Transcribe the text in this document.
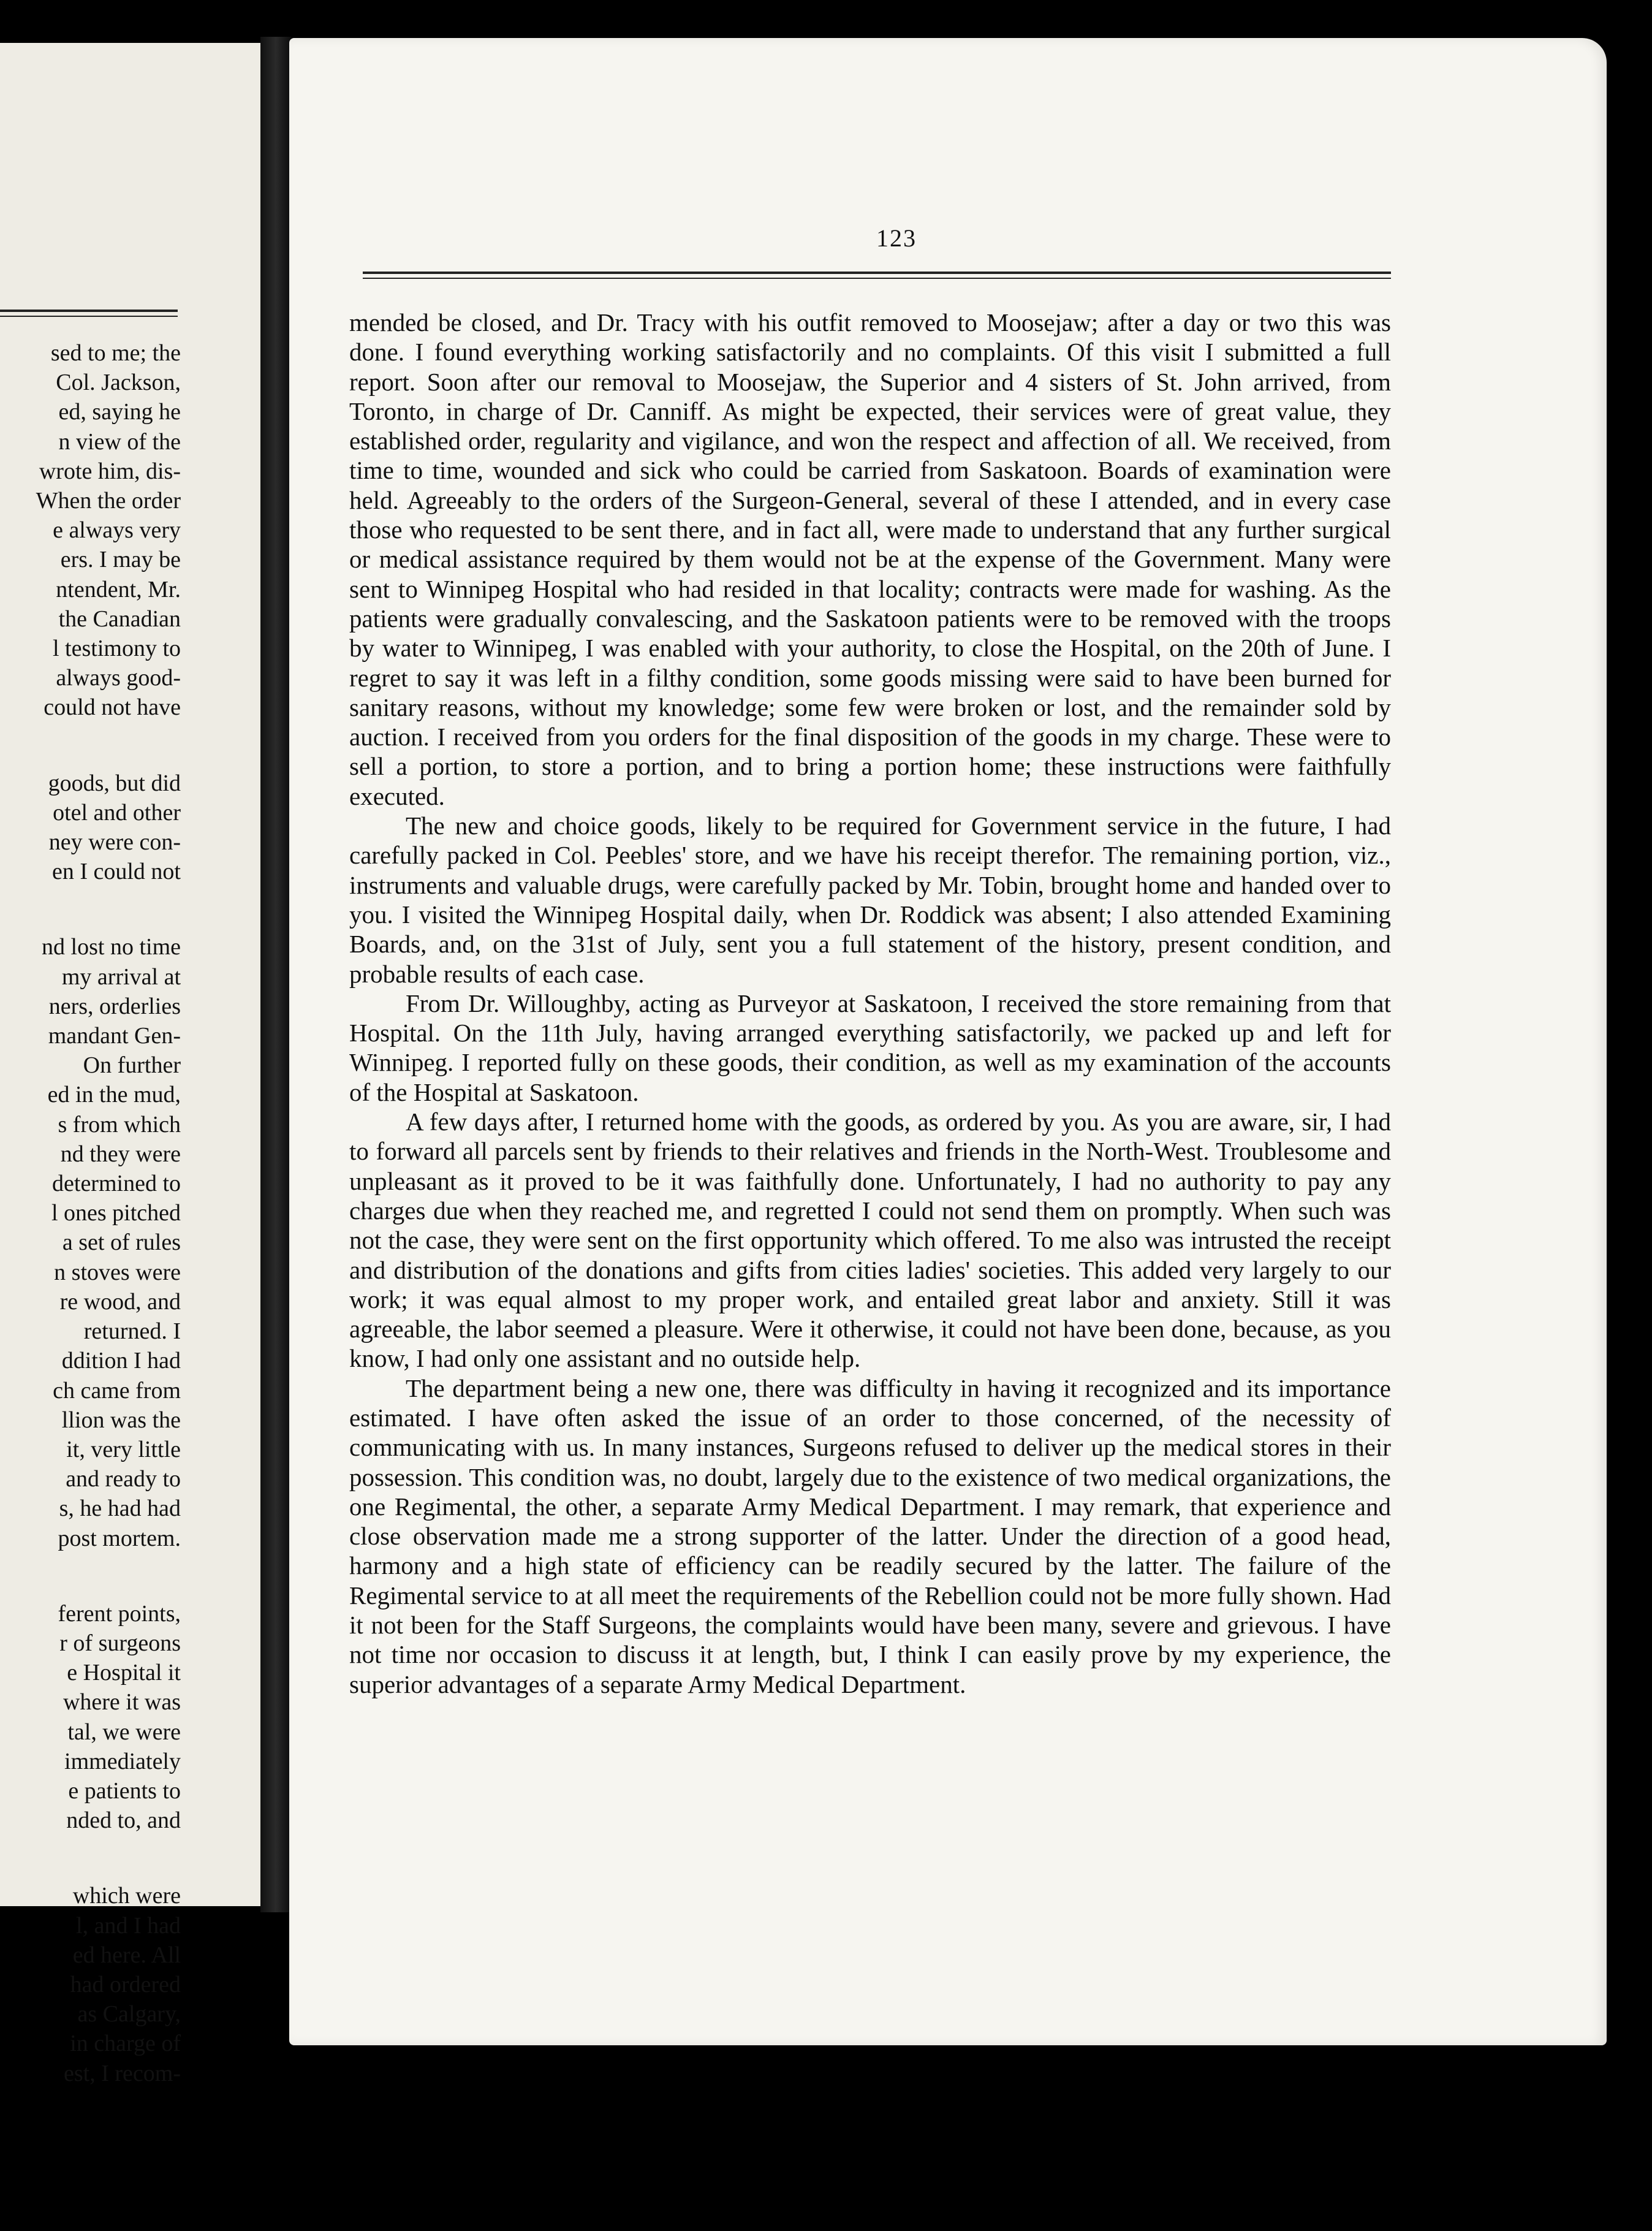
sed to me; the
Col. Jackson,
ed, saying he
n view of the
wrote him, dis-
When the order
e always very
ers. I may be
ntendent, Mr.
the Canadian
l testimony to
always good-
could not have
goods, but did
otel and other
ney were con-
en I could not
nd lost no time
my arrival at
ners, orderlies
mandant Gen-
On further
ed in the mud,
s from which
nd they were
determined to
l ones pitched
a set of rules
n stoves were
re wood, and
returned. I
ddition I had
ch came from
llion was the
it, very little
and ready to
s, he had had
post mortem.
ferent points,
r of surgeons
e Hospital it
where it was
tal, we were
immediately
e patients to
nded to, and
which were
l, and I had
ed here. All
had ordered
as Calgary,
in charge of
est, I recom-
123

mended be closed, and Dr. Tracy with his outfit removed to Moosejaw; after a day or two this was done. I found everything working satisfactorily and no complaints. Of this visit I submitted a full report. Soon after our removal to Moosejaw, the Superior and 4 sisters of St. John arrived, from Toronto, in charge of Dr. Canniff. As might be expected, their services were of great value, they established order, regularity and vigilance, and won the respect and affection of all. We received, from time to time, wounded and sick who could be carried from Saskatoon. Boards of examination were held. Agreeably to the orders of the Surgeon-General, several of these I attended, and in every case those who requested to be sent there, and in fact all, were made to understand that any further surgical or medical assistance required by them would not be at the expense of the Government. Many were sent to Winnipeg Hospital who had resided in that locality; contracts were made for washing. As the patients were gradually convalescing, and the Saskatoon patients were to be removed with the troops by water to Winnipeg, I was enabled with your authority, to close the Hospital, on the 20th of June. I regret to say it was left in a filthy condition, some goods missing were said to have been burned for sanitary reasons, without my knowledge; some few were broken or lost, and the remainder sold by auction. I received from you orders for the final disposition of the goods in my charge. These were to sell a portion, to store a portion, and to bring a portion home; these instructions were faithfully executed.

The new and choice goods, likely to be required for Government service in the future, I had carefully packed in Col. Peebles' store, and we have his receipt therefor. The remaining portion, viz., instruments and valuable drugs, were carefully packed by Mr. Tobin, brought home and handed over to you. I visited the Winnipeg Hospital daily, when Dr. Roddick was absent; I also attended Examining Boards, and, on the 31st of July, sent you a full statement of the history, present condition, and probable results of each case.

From Dr. Willoughby, acting as Purveyor at Saskatoon, I received the store remaining from that Hospital. On the 11th July, having arranged everything satisfactorily, we packed up and left for Winnipeg. I reported fully on these goods, their condition, as well as my examination of the accounts of the Hospital at Saskatoon.

A few days after, I returned home with the goods, as ordered by you. As you are aware, sir, I had to forward all parcels sent by friends to their relatives and friends in the North-West. Troublesome and unpleasant as it proved to be it was faithfully done. Unfortunately, I had no authority to pay any charges due when they reached me, and regretted I could not send them on promptly. When such was not the case, they were sent on the first opportunity which offered. To me also was intrusted the receipt and distribution of the donations and gifts from cities ladies' societies. This added very largely to our work; it was equal almost to my proper work, and entailed great labor and anxiety. Still it was agreeable, the labor seemed a pleasure. Were it otherwise, it could not have been done, because, as you know, I had only one assistant and no outside help.

The department being a new one, there was difficulty in having it recognized and its importance estimated. I have often asked the issue of an order to those concerned, of the necessity of communicating with us. In many instances, Surgeons refused to deliver up the medical stores in their possession. This condition was, no doubt, largely due to the existence of two medical organizations, the one Regimental, the other, a separate Army Medical Department. I may remark, that experience and close observation made me a strong supporter of the latter. Under the direction of a good head, harmony and a high state of efficiency can be readily secured by the latter. The failure of the Regimental service to at all meet the requirements of the Rebellion could not be more fully shown. Had it not been for the Staff Surgeons, the complaints would have been many, severe and grievous. I have not time nor occasion to discuss it at length, but, I think I can easily prove by my experience, the superior advantages of a separate Army Medical Department.
